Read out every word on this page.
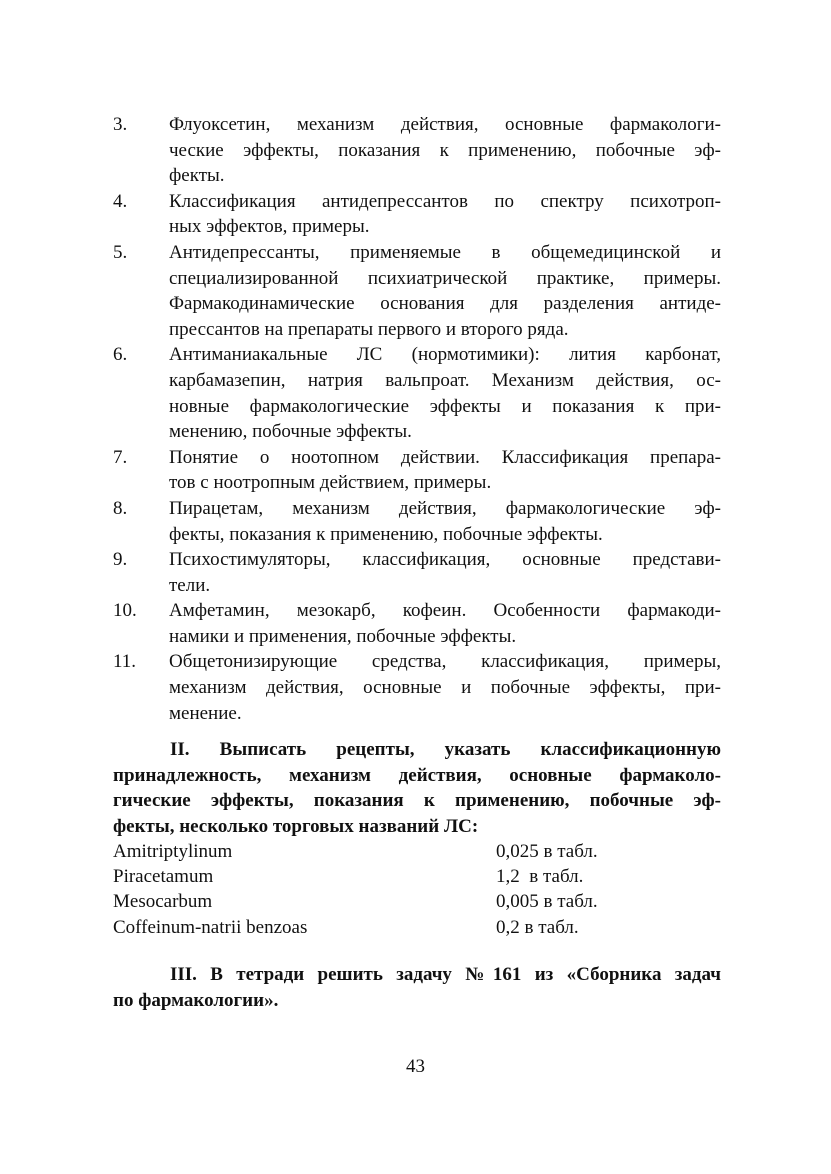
3.	Флуоксетин, механизм действия, основные фармакологи-
ческие эффекты, показания к применению, побочные эф-
фекты.
4.	Классификация антидепрессантов по спектру психотроп-
ных эффектов, примеры.
5.	Антидепрессанты, применяемые в общемедицинской и
специализированной психиатрической практике, примеры.
Фармакодинамические основания для разделения антиде-
прессантов на препараты первого и второго ряда.
6.	Антиманиакальные ЛС (нормотимики): лития карбонат,
карбамазепин, натрия вальпроат. Механизм действия, ос-
новные фармакологические эффекты и показания к при-
менению, побочные эффекты.
7.	Понятие о ноотопном действии. Классификация препара-
тов с ноотропным действием, примеры.
8.	Пирацетам, механизм действия, фармакологические эф-
фекты, показания к применению, побочные эффекты.
9.	Психостимуляторы, классификация, основные представи-
тели.
10.	Амфетамин, мезокарб, кофеин. Особенности фармакоди-
намики и применения, побочные эффекты.
11.	Общетонизирующие средства, классификация, примеры,
механизм действия, основные и побочные эффекты, при-
менение.
II. Выписать рецепты, указать классификационную
принадлежность, механизм действия, основные фармаколо-
гические эффекты, показания к применению, побочные эф-
фекты, несколько торговых названий ЛС:
Amitriptylinum	0,025 в табл.
Piracetamum	1,2  в табл.
Mesocarbum	0,005 в табл.
Coffeinum-natrii benzoas	0,2 в табл.
III. В тетради решить задачу №161 из «Сборника задач
по фармакологии».
43
